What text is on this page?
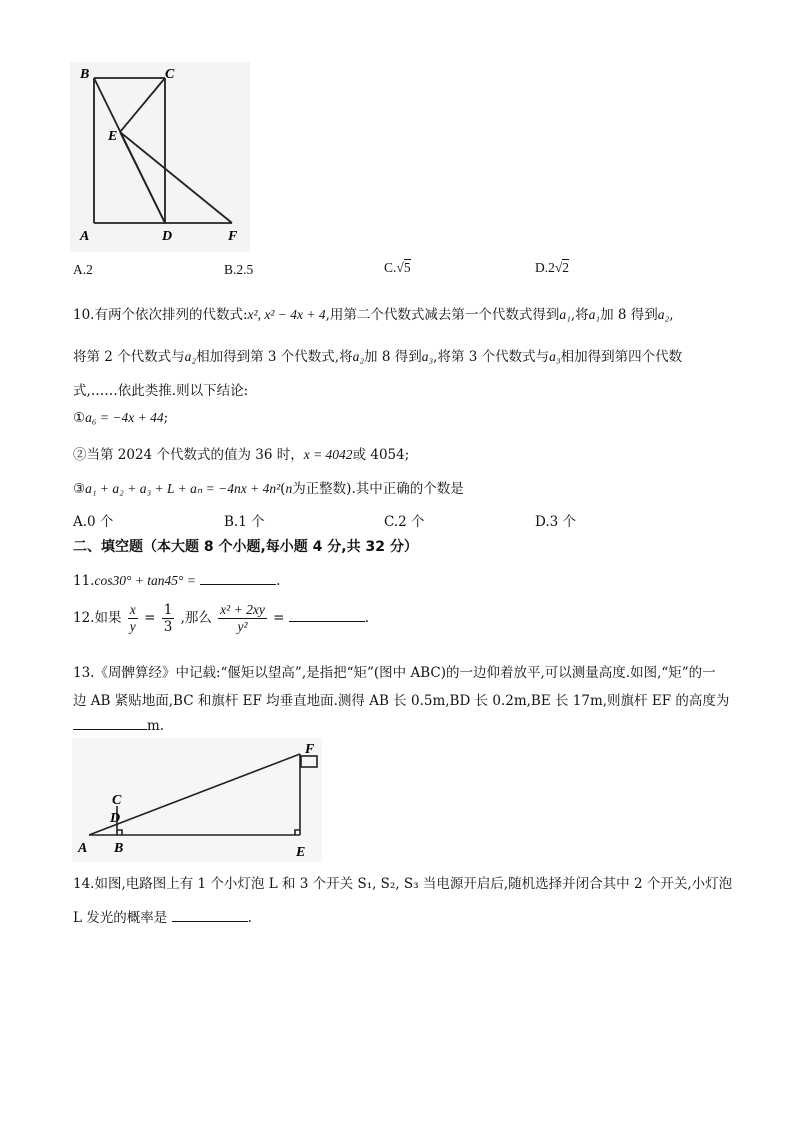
B	C
E
A	D	F
A.2	B.2.5	C.√5	D.2√2
10.有两个依次排列的代数式:x², x² − 4x + 4,用第二个代数式减去第一个代数式得到a₁,将a₁加 8 得到a₂,
将第 2 个代数式与a₂相加得到第 3 个代数式,将a₂加 8 得到a₃,将第 3 个代数式与a₃相加得到第四个代数
式,……依此类推.则以下结论:
①a₆ = −4x + 44;
②当第 2024 个代数式的值为 36 时，x = 4042或 4054;
③a₁ + a₂ + a₃ + L + aₙ = −4nx + 4n²(n为正整数).其中正确的个数是
A.0 个	B.1 个	C.2 个	D.3 个
二、填空题（本大题 8 个小题,每小题 4 分,共 32 分）
11.cos30° + tan45° =	.
12.如果 $\frac{x}{y} = \frac{1}{3}$ ,那么 $\frac{\text{x² + 2xy}}{\text{y²}}$ =	.
13.《周髀算经》中记载:“偃矩以望高”,是指把“矩”(图中 ABC)的一边仰着放平,可以测量高度.如图,“矩”的一
边 AB 紧贴地面,BC 和旗杆 EF 均垂直地面.测得 AB 长 0.5m,BD 长 0.2m,BE 长 17m,则旗杆 EF 的高度为
m.
F
C
D
A B	E
14.如图,电路图上有 1 个小灯泡 L 和 3 个开关 S₁, S₂, S₃ 当电源开启后,随机选择并闭合其中 2 个开关,小灯泡
L 发光的概率是	.
